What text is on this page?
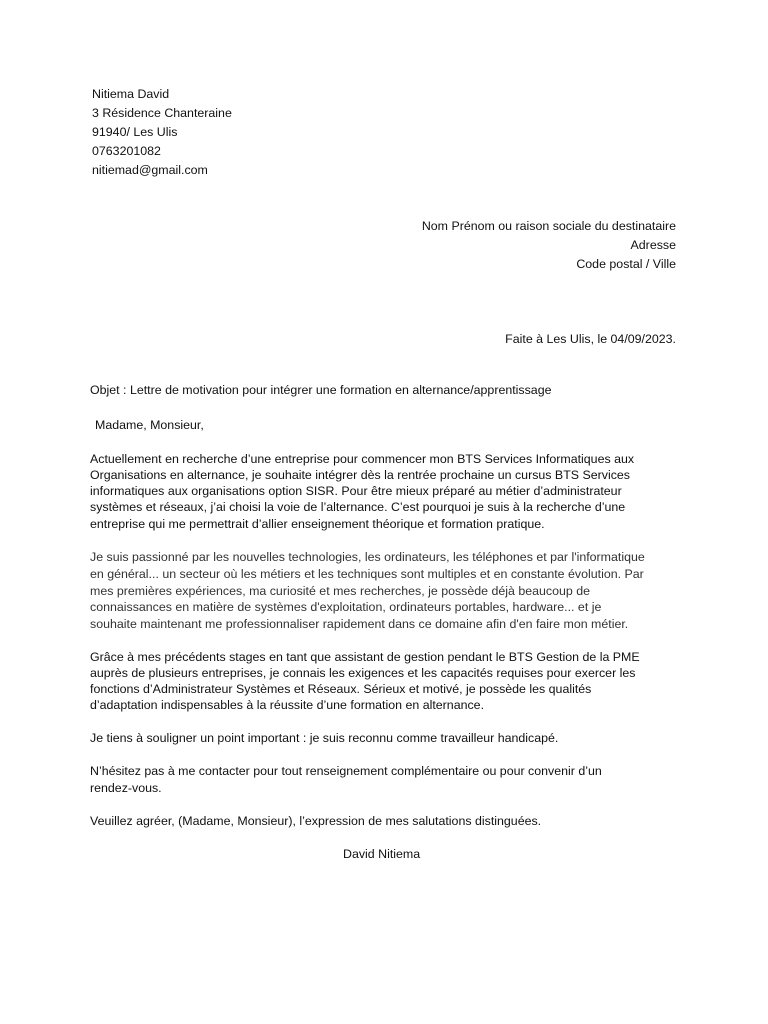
Nitiema David
3 Résidence Chanteraine
91940/ Les Ulis
0763201082
nitiemad@gmail.com
Nom Prénom ou raison sociale du destinataire
Adresse
Code postal / Ville
Faite à Les Ulis, le 04/09/2023.
Objet : Lettre de motivation pour intégrer une formation en alternance/apprentissage
Madame, Monsieur,
Actuellement en recherche d’une entreprise pour commencer mon BTS Services Informatiques aux
Organisations en alternance, je souhaite intégrer dès la rentrée prochaine un cursus BTS Services
informatiques aux organisations option SISR. Pour être mieux préparé au métier d’administrateur
systèmes et réseaux, j’ai choisi la voie de l’alternance. C’est pourquoi je suis à la recherche d’une
entreprise qui me permettrait d’allier enseignement théorique et formation pratique.
Je suis passionné par les nouvelles technologies, les ordinateurs, les téléphones et par l'informatique
en général... un secteur où les métiers et les techniques sont multiples et en constante évolution. Par
mes premières expériences, ma curiosité et mes recherches, je possède déjà beaucoup de
connaissances en matière de systèmes d'exploitation, ordinateurs portables, hardware... et je
souhaite maintenant me professionnaliser rapidement dans ce domaine afin d'en faire mon métier.
Grâce à mes précédents stages en tant que assistant de gestion pendant le BTS Gestion de la PME
auprès de plusieurs entreprises, je connais les exigences et les capacités requises pour exercer les
fonctions d’Administrateur Systèmes et Réseaux. Sérieux et motivé, je possède les qualités
d’adaptation indispensables à la réussite d’une formation en alternance.
Je tiens à souligner un point important : je suis reconnu comme travailleur handicapé.
N’hésitez pas à me contacter pour tout renseignement complémentaire ou pour convenir d’un
rendez-vous.
Veuillez agréer, (Madame, Monsieur), l’expression de mes salutations distinguées.
David Nitiema
